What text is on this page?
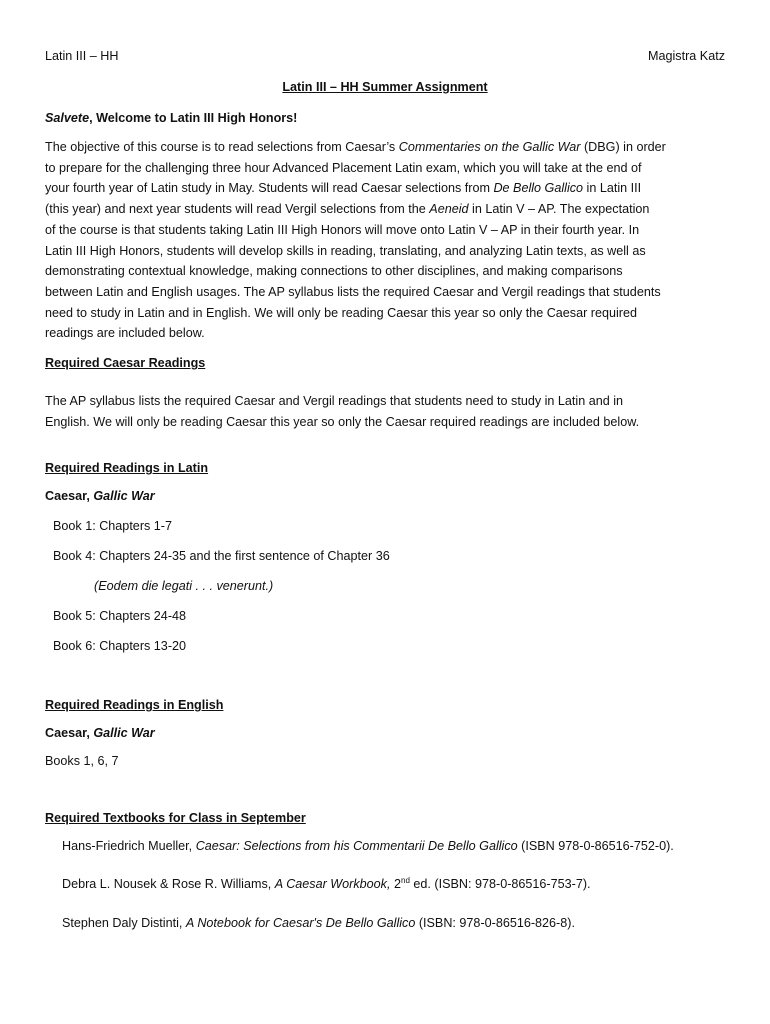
Latin III – HH	Magistra Katz
Latin III – HH Summer Assignment
Salvete, Welcome to Latin III High Honors!
The objective of this course is to read selections from Caesar’s Commentaries on the Gallic War (DBG) in order
to prepare for the challenging three hour Advanced Placement Latin exam, which you will take at the end of
your fourth year of Latin study in May. Students will read Caesar selections from De Bello Gallico in Latin III
(this year) and next year students will read Vergil selections from the Aeneid in Latin V – AP. The expectation
of the course is that students taking Latin III High Honors will move onto Latin V – AP in their fourth year. In
Latin III High Honors, students will develop skills in reading, translating, and analyzing Latin texts, as well as
demonstrating contextual knowledge, making connections to other disciplines, and making comparisons
between Latin and English usages. The AP syllabus lists the required Caesar and Vergil readings that students
need to study in Latin and in English. We will only be reading Caesar this year so only the Caesar required
readings are included below.
Required Caesar Readings
The AP syllabus lists the required Caesar and Vergil readings that students need to study in Latin and in
English. We will only be reading Caesar this year so only the Caesar required readings are included below.
Required Readings in Latin
Caesar, Gallic War
Book 1: Chapters 1-7
Book 4: Chapters 24-35 and the first sentence of Chapter 36
(Eodem die legati . . . venerunt.)
Book 5: Chapters 24-48
Book 6: Chapters 13-20
Required Readings in English
Caesar, Gallic War
Books 1, 6, 7
Required Textbooks for Class in September
Hans-Friedrich Mueller, Caesar: Selections from his Commentarii De Bello Gallico (ISBN 978-0-86516-752-0).
Debra L. Nousek & Rose R. Williams, A Caesar Workbook, 2nd ed. (ISBN: 978-0-86516-753-7).
Stephen Daly Distinti, A Notebook for Caesar's De Bello Gallico (ISBN: 978-0-86516-826-8).
